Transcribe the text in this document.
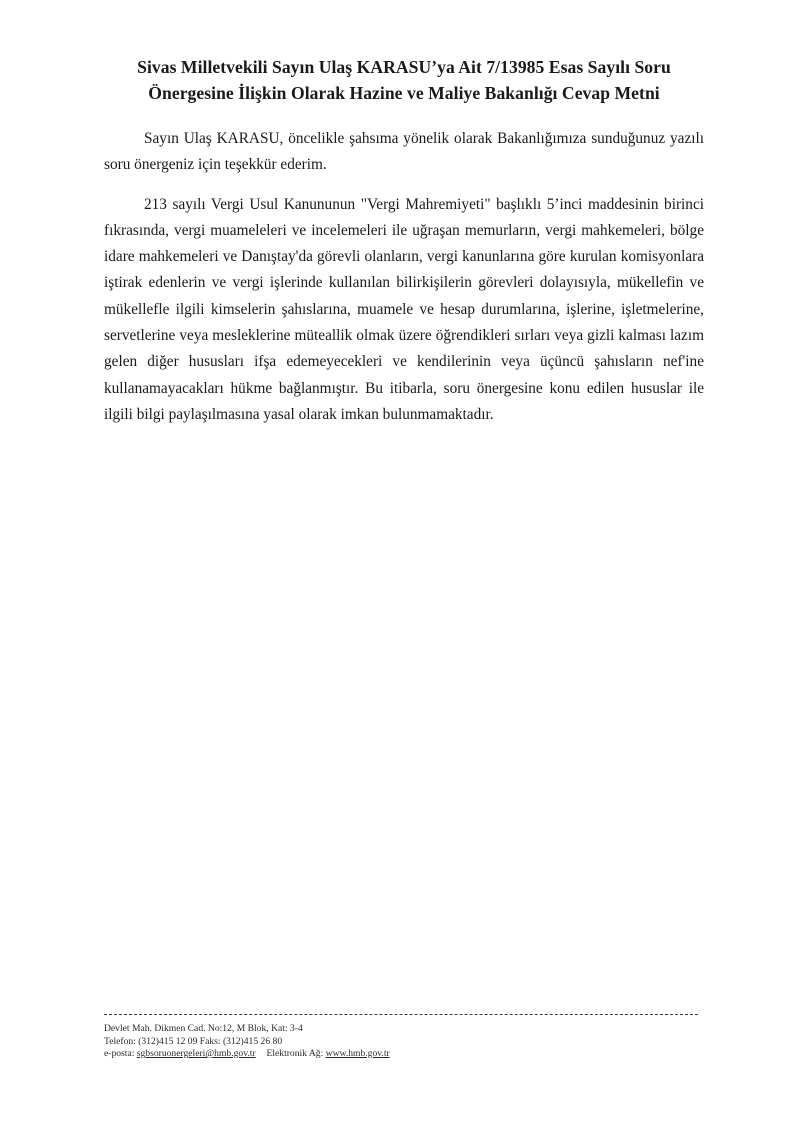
Sivas Milletvekili Sayın Ulaş KARASU’ya Ait 7/13985 Esas Sayılı Soru
Önergesine İlişkin Olarak Hazine ve Maliye Bakanlığı Cevap Metni

Sayın Ulaş KARASU, öncelikle şahsıma yönelik olarak Bakanlığımıza sunduğunuz yazılı soru önergeniz için teşekkür ederim.

213 sayılı Vergi Usul Kanununun "Vergi Mahremiyeti" başlıklı 5’inci maddesinin birinci fıkrasında, vergi muameleleri ve incelemeleri ile uğraşan memurların, vergi mahkemeleri, bölge idare mahkemeleri ve Danıştay'da görevli olanların, vergi kanunlarına göre kurulan komisyonlara iştirak edenlerin ve vergi işlerinde kullanılan bilirkişilerin görevleri dolayısıyla, mükellefin ve mükellefle ilgili kimselerin şahıslarına, muamele ve hesap durumlarına, işlerine, işletmelerine, servetlerine veya mesleklerine müteallik olmak üzere öğrendikleri sırları veya gizli kalması lazım gelen diğer hususları ifşa edemeyecekleri ve kendilerinin veya üçüncü şahısların nef'ine kullanamayacakları hükme bağlanmıştır. Bu itibarla, soru önergesine konu edilen hususlar ile ilgili bilgi paylaşılmasına yasal olarak imkan bulunmamaktadır.

Devlet Mah. Dikmen Cad. No:12, M Blok, Kat: 3-4
Telefon: (312)415 12 09 Faks: (312)415 26 80
e-posta: sgbsoruonergeleri@hmb.gov.tr Elektronik Ağ: www.hmb.gov.tr
